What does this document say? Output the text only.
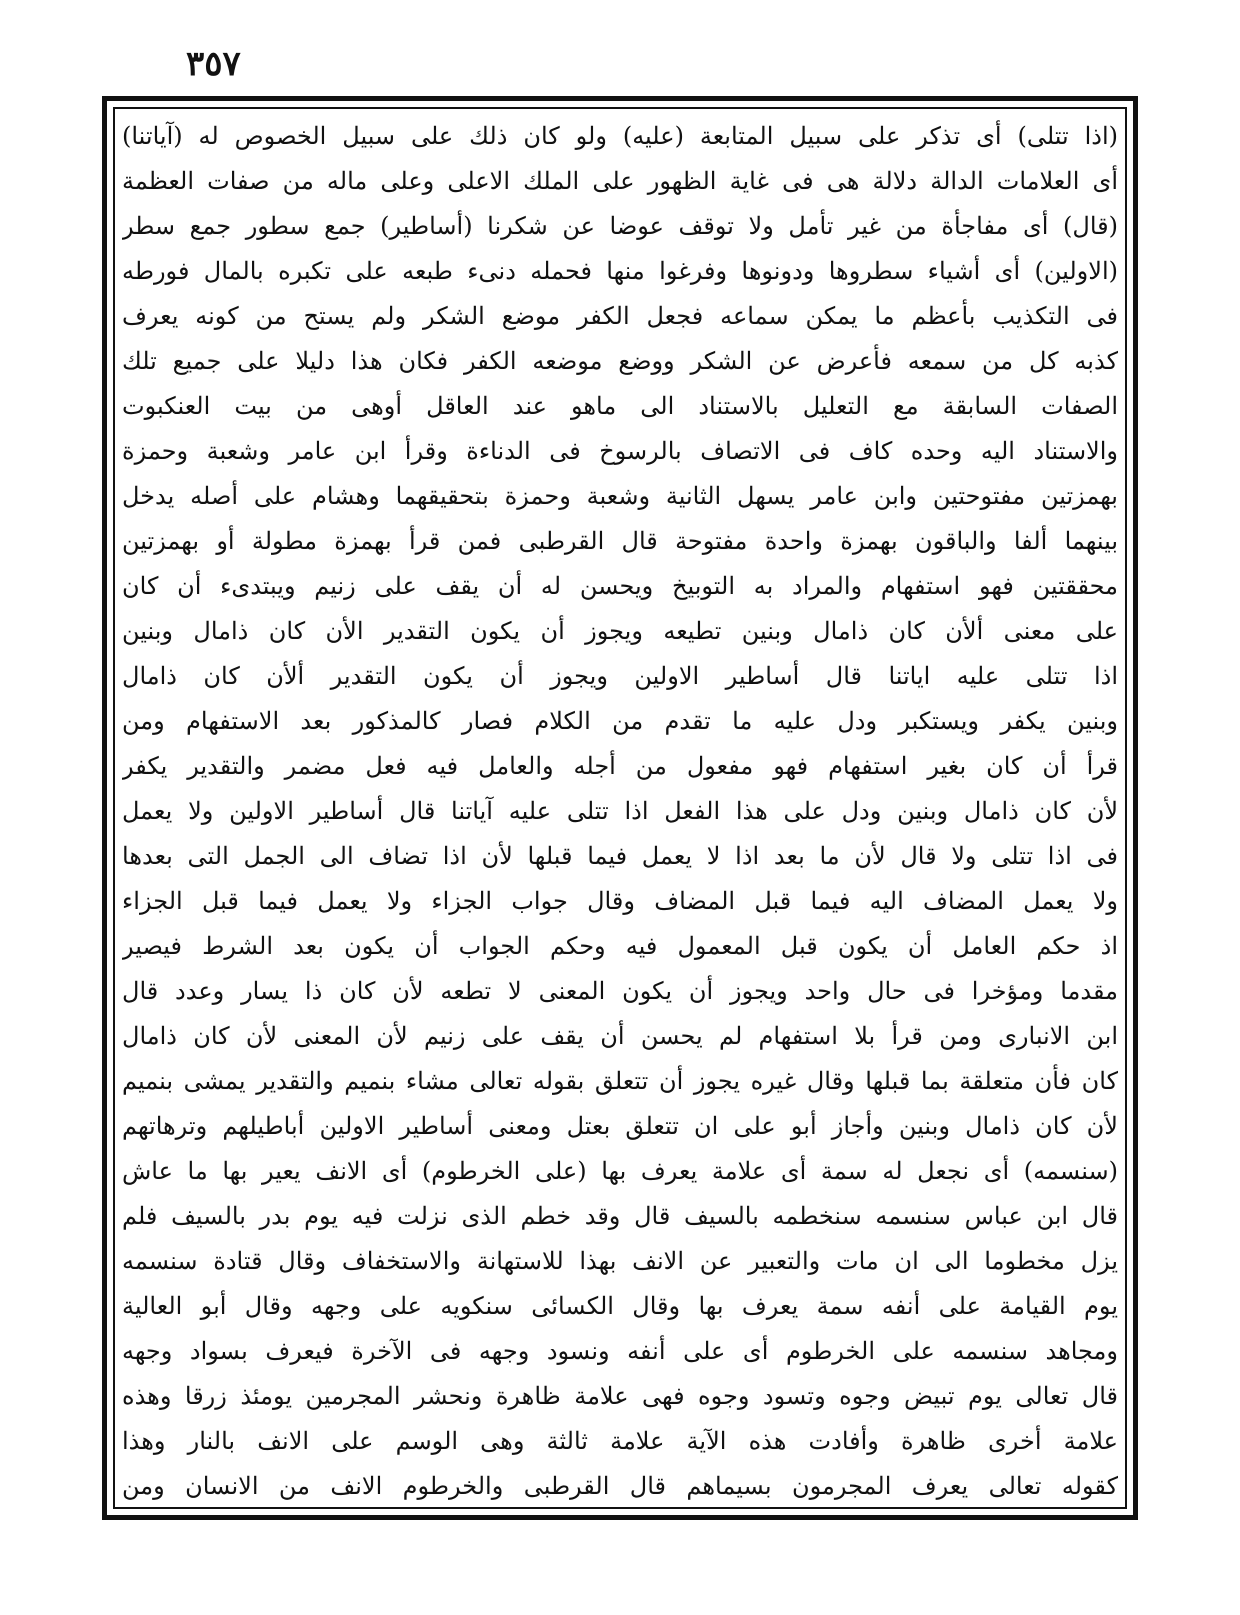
٣٥٧
(اذا تتلى) أى تذكر على سبيل المتابعة (عليه) ولو كان ذلك على سبيل الخصوص له (آياتنا)
أى العلامات الدالة دلالة هى فى غاية الظهور على الملك الاعلى وعلى ماله من صفات العظمة
(قال) أى مفاجأة من غير تأمل ولا توقف عوضا عن شكرنا (أساطير) جمع سطور جمع سطر
(الاولين) أى أشياء سطروها ودونوها وفرغوا منها فحمله دنىء طبعه على تكبره بالمال فورطه
فى التكذيب بأعظم ما يمكن سماعه فجعل الكفر موضع الشكر ولم يستح من كونه يعرف
كذبه كل من سمعه فأعرض عن الشكر ووضع موضعه الكفر فكان هذا دليلا على جميع تلك
الصفات السابقة مع التعليل بالاستناد الى ماهو عند العاقل أوهى من بيت العنكبوت
والاستناد اليه وحده كاف فى الاتصاف بالرسوخ فى الدناءة وقرأ ابن عامر وشعبة وحمزة
بهمزتين مفتوحتين وابن عامر يسهل الثانية وشعبة وحمزة بتحقيقهما وهشام على أصله يدخل
بينهما ألفا والباقون بهمزة واحدة مفتوحة قال القرطبى فمن قرأ بهمزة مطولة أو بهمزتين
محققتين فهو استفهام والمراد به التوبيخ ويحسن له أن يقف على زنيم ويبتدىء أن كان
على معنى ألأن كان ذامال وبنين تطيعه ويجوز أن يكون التقدير الأن كان ذامال وبنين
اذا تتلى عليه اياتنا قال أساطير الاولين ويجوز أن يكون التقدير ألأن كان ذامال
وبنين يكفر ويستكبر ودل عليه ما تقدم من الكلام فصار كالمذكور بعد الاستفهام ومن
قرأ أن كان بغير استفهام فهو مفعول من أجله والعامل فيه فعل مضمر والتقدير يكفر
لأن كان ذامال وبنين ودل على هذا الفعل اذا تتلى عليه آياتنا قال أساطير الاولين ولا يعمل
فى اذا تتلى ولا قال لأن ما بعد اذا لا يعمل فيما قبلها لأن اذا تضاف الى الجمل التى بعدها
ولا يعمل المضاف اليه فيما قبل المضاف وقال جواب الجزاء ولا يعمل فيما قبل الجزاء
اذ حكم العامل أن يكون قبل المعمول فيه وحكم الجواب أن يكون بعد الشرط فيصير
مقدما ومؤخرا فى حال واحد ويجوز أن يكون المعنى لا تطعه لأن كان ذا يسار وعدد قال
ابن الانبارى ومن قرأ بلا استفهام لم يحسن أن يقف على زنيم لأن المعنى لأن كان ذامال
كان فأن متعلقة بما قبلها وقال غيره يجوز أن تتعلق بقوله تعالى مشاء بنميم والتقدير يمشى بنميم
لأن كان ذامال وبنين وأجاز أبو على ان تتعلق بعتل ومعنى أساطير الاولين أباطيلهم وترهاتهم
(سنسمه) أى نجعل له سمة أى علامة يعرف بها (على الخرطوم) أى الانف يعير بها ما عاش
قال ابن عباس سنسمه سنخطمه بالسيف قال وقد خطم الذى نزلت فيه يوم بدر بالسيف فلم
يزل مخطوما الى ان مات والتعبير عن الانف بهذا للاستهانة والاستخفاف وقال قتادة سنسمه
يوم القيامة على أنفه سمة يعرف بها وقال الكسائى سنكويه على وجهه وقال أبو العالية
ومجاهد سنسمه على الخرطوم أى على أنفه ونسود وجهه فى الآخرة فيعرف بسواد وجهه
قال تعالى يوم تبيض وجوه وتسود وجوه فهى علامة ظاهرة ونحشر المجرمين يومئذ زرقا وهذه
علامة أخرى ظاهرة وأفادت هذه الآية علامة ثالثة وهى الوسم على الانف بالنار وهذا
كقوله تعالى يعرف المجرمون بسيماهم قال القرطبى والخرطوم الانف من الانسان ومن
